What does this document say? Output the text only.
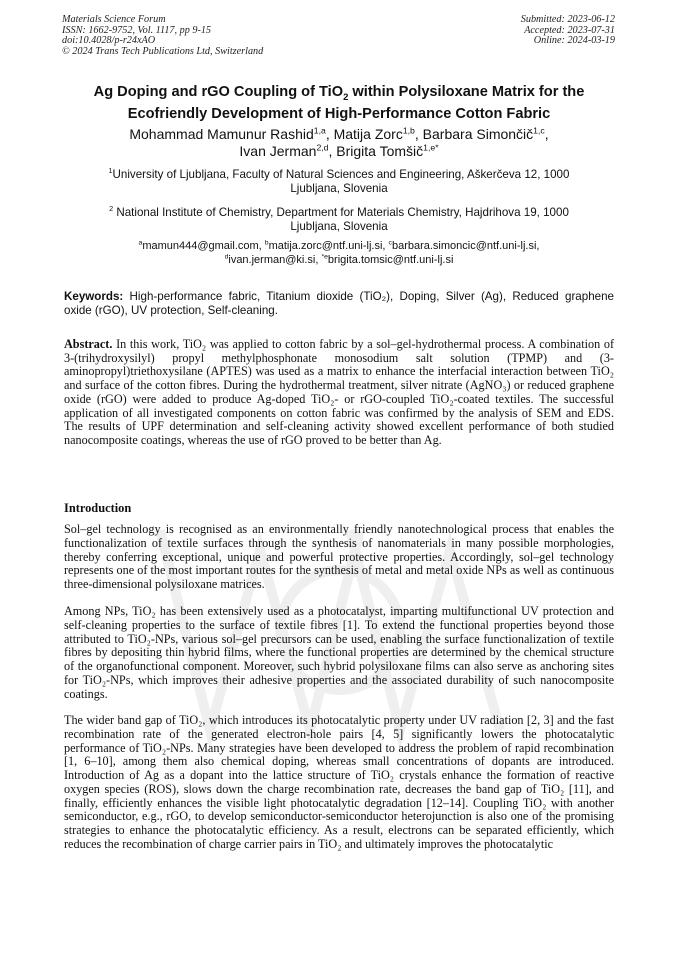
Materials Science Forum
ISSN: 1662-9752, Vol. 1117, pp 9-15
doi:10.4028/p-r24xAO
© 2024 Trans Tech Publications Ltd, Switzerland
Submitted: 2023-06-12
Accepted: 2023-07-31
Online: 2024-03-19
Ag Doping and rGO Coupling of TiO$_2$ within Polysiloxane Matrix for the
Ecofriendly Development of High-Performance Cotton Fabric
Mohammad Mamunur Rashid$^{1,a}$, Matija Zorc$^{1,b}$, Barbara Simončič$^{1,c}$,
Ivan Jerman$^{2,d}$, Brigita Tomšič$^{1,e*}$
$^1$University of Ljubljana, Faculty of Natural Sciences and Engineering, Aškerčeva 12, 1000 Ljubljana, Slovenia
$^2$ National Institute of Chemistry, Department for Materials Chemistry, Hajdrihova 19, 1000 Ljubljana, Slovenia
$^a$mamun444@gmail.com, $^b$matija.zorc@ntf.uni-lj.si, $^c$barbara.simoncic@ntf.uni-lj.si,
$^d$ivan.jerman@ki.si, $^{*e}$brigita.tomsic@ntf.uni-lj.si
Keywords: High-performance fabric, Titanium dioxide (TiO₂), Doping, Silver (Ag), Reduced graphene oxide (rGO), UV protection, Self-cleaning.
Abstract. In this work, TiO₂ was applied to cotton fabric by a sol–gel-hydrothermal process. A combination of 3-(trihydroxysilyl) propyl methylphosphonate monosodium salt solution (TPMP) and (3-aminopropyl)triethoxysilane (APTES) was used as a matrix to enhance the interfacial interaction between TiO₂ and surface of the cotton fibres. During the hydrothermal treatment, silver nitrate (AgNO₃) or reduced graphene oxide (rGO) were added to produce Ag-doped TiO₂- or rGO-coupled TiO₂-coated textiles. The successful application of all investigated components on cotton fabric was confirmed by the analysis of SEM and EDS. The results of UPF determination and self-cleaning activity showed excellent performance of both studied nanocomposite coatings, whereas the use of rGO proved to be better than Ag.
Introduction

Sol–gel technology is recognised as an environmentally friendly nanotechnological process that enables the functionalization of textile surfaces through the synthesis of nanomaterials in many possible morphologies, thereby conferring exceptional, unique and powerful protective properties. Accordingly, sol–gel technology represents one of the most important routes for the synthesis of metal and metal oxide NPs as well as continuous three-dimensional polysiloxane matrices.

Among NPs, TiO₂ has been extensively used as a photocatalyst, imparting multifunctional UV protection and self-cleaning properties to the surface of textile fibres [1]. To extend the functional properties beyond those attributed to TiO₂-NPs, various sol–gel precursors can be used, enabling the surface functionalization of textile fibres by depositing thin hybrid films, where the functional properties are determined by the chemical structure of the organofunctional component. Moreover, such hybrid polysiloxane films can also serve as anchoring sites for TiO₂-NPs, which improves their adhesive properties and the associated durability of such nanocomposite coatings.

The wider band gap of TiO₂, which introduces its photocatalytic property under UV radiation [2, 3] and the fast recombination rate of the generated electron-hole pairs [4, 5] significantly lowers the photocatalytic performance of TiO₂-NPs. Many strategies have been developed to address the problem of rapid recombination [1, 6–10], among them also chemical doping, whereas small concentrations of dopants are introduced. Introduction of Ag as a dopant into the lattice structure of TiO₂ crystals enhance the formation of reactive oxygen species (ROS), slows down the charge recombination rate, decreases the band gap of TiO₂ [11], and finally, efficiently enhances the visible light photocatalytic degradation [12–14]. Coupling TiO₂ with another semiconductor, e.g., rGO, to develop semiconductor-semiconductor heterojunction is also one of the promising strategies to enhance the photocatalytic efficiency. As a result, electrons can be separated efficiently, which reduces the recombination of charge carrier pairs in TiO₂ and ultimately improves the photocatalytic
